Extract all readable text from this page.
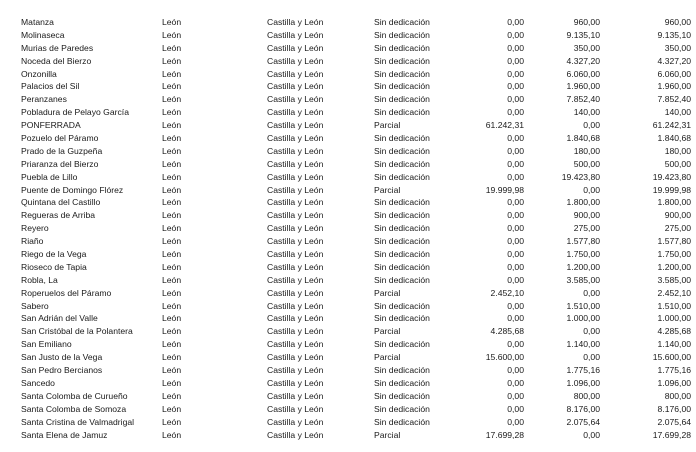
Matanza	León	Castilla y León	Sin dedicación	0,00	960,00	960,00
Molinaseca	León	Castilla y León	Sin dedicación	0,00	9.135,10	9.135,10
Murias de Paredes	León	Castilla y León	Sin dedicación	0,00	350,00	350,00
Noceda del Bierzo	León	Castilla y León	Sin dedicación	0,00	4.327,20	4.327,20
Onzonilla	León	Castilla y León	Sin dedicación	0,00	6.060,00	6.060,00
Palacios del Sil	León	Castilla y León	Sin dedicación	0,00	1.960,00	1.960,00
Peranzanes	León	Castilla y León	Sin dedicación	0,00	7.852,40	7.852,40
Pobladura de Pelayo García	León	Castilla y León	Sin dedicación	0,00	140,00	140,00
PONFERRADA	León	Castilla y León	Parcial	61.242,31	0,00	61.242,31
Pozuelo del Páramo	León	Castilla y León	Sin dedicación	0,00	1.840,68	1.840,68
Prado de la Guzpeña	León	Castilla y León	Sin dedicación	0,00	180,00	180,00
Priaranza del Bierzo	León	Castilla y León	Sin dedicación	0,00	500,00	500,00
Puebla de Lillo	León	Castilla y León	Sin dedicación	0,00	19.423,80	19.423,80
Puente de Domingo Flórez	León	Castilla y León	Parcial	19.999,98	0,00	19.999,98
Quintana del Castillo	León	Castilla y León	Sin dedicación	0,00	1.800,00	1.800,00
Regueras de Arriba	León	Castilla y León	Sin dedicación	0,00	900,00	900,00
Reyero	León	Castilla y León	Sin dedicación	0,00	275,00	275,00
Riaño	León	Castilla y León	Sin dedicación	0,00	1.577,80	1.577,80
Riego de la Vega	León	Castilla y León	Sin dedicación	0,00	1.750,00	1.750,00
Rioseco de Tapia	León	Castilla y León	Sin dedicación	0,00	1.200,00	1.200,00
Robla, La	León	Castilla y León	Sin dedicación	0,00	3.585,00	3.585,00
Roperuelos del Páramo	León	Castilla y León	Parcial	2.452,10	0,00	2.452,10
Sabero	León	Castilla y León	Sin dedicación	0,00	1.510,00	1.510,00
San Adrián del Valle	León	Castilla y León	Sin dedicación	0,00	1.000,00	1.000,00
San Cristóbal de la Polantera	León	Castilla y León	Parcial	4.285,68	0,00	4.285,68
San Emiliano	León	Castilla y León	Sin dedicación	0,00	1.140,00	1.140,00
San Justo de la Vega	León	Castilla y León	Parcial	15.600,00	0,00	15.600,00
San Pedro Bercianos	León	Castilla y León	Sin dedicación	0,00	1.775,16	1.775,16
Sancedo	León	Castilla y León	Sin dedicación	0,00	1.096,00	1.096,00
Santa Colomba de Curueño	León	Castilla y León	Sin dedicación	0,00	800,00	800,00
Santa Colomba de Somoza	León	Castilla y León	Sin dedicación	0,00	8.176,00	8.176,00
Santa Cristina de Valmadrigal	León	Castilla y León	Sin dedicación	0,00	2.075,64	2.075,64
Santa Elena de Jamuz	León	Castilla y León	Parcial	17.699,28	0,00	17.699,28
